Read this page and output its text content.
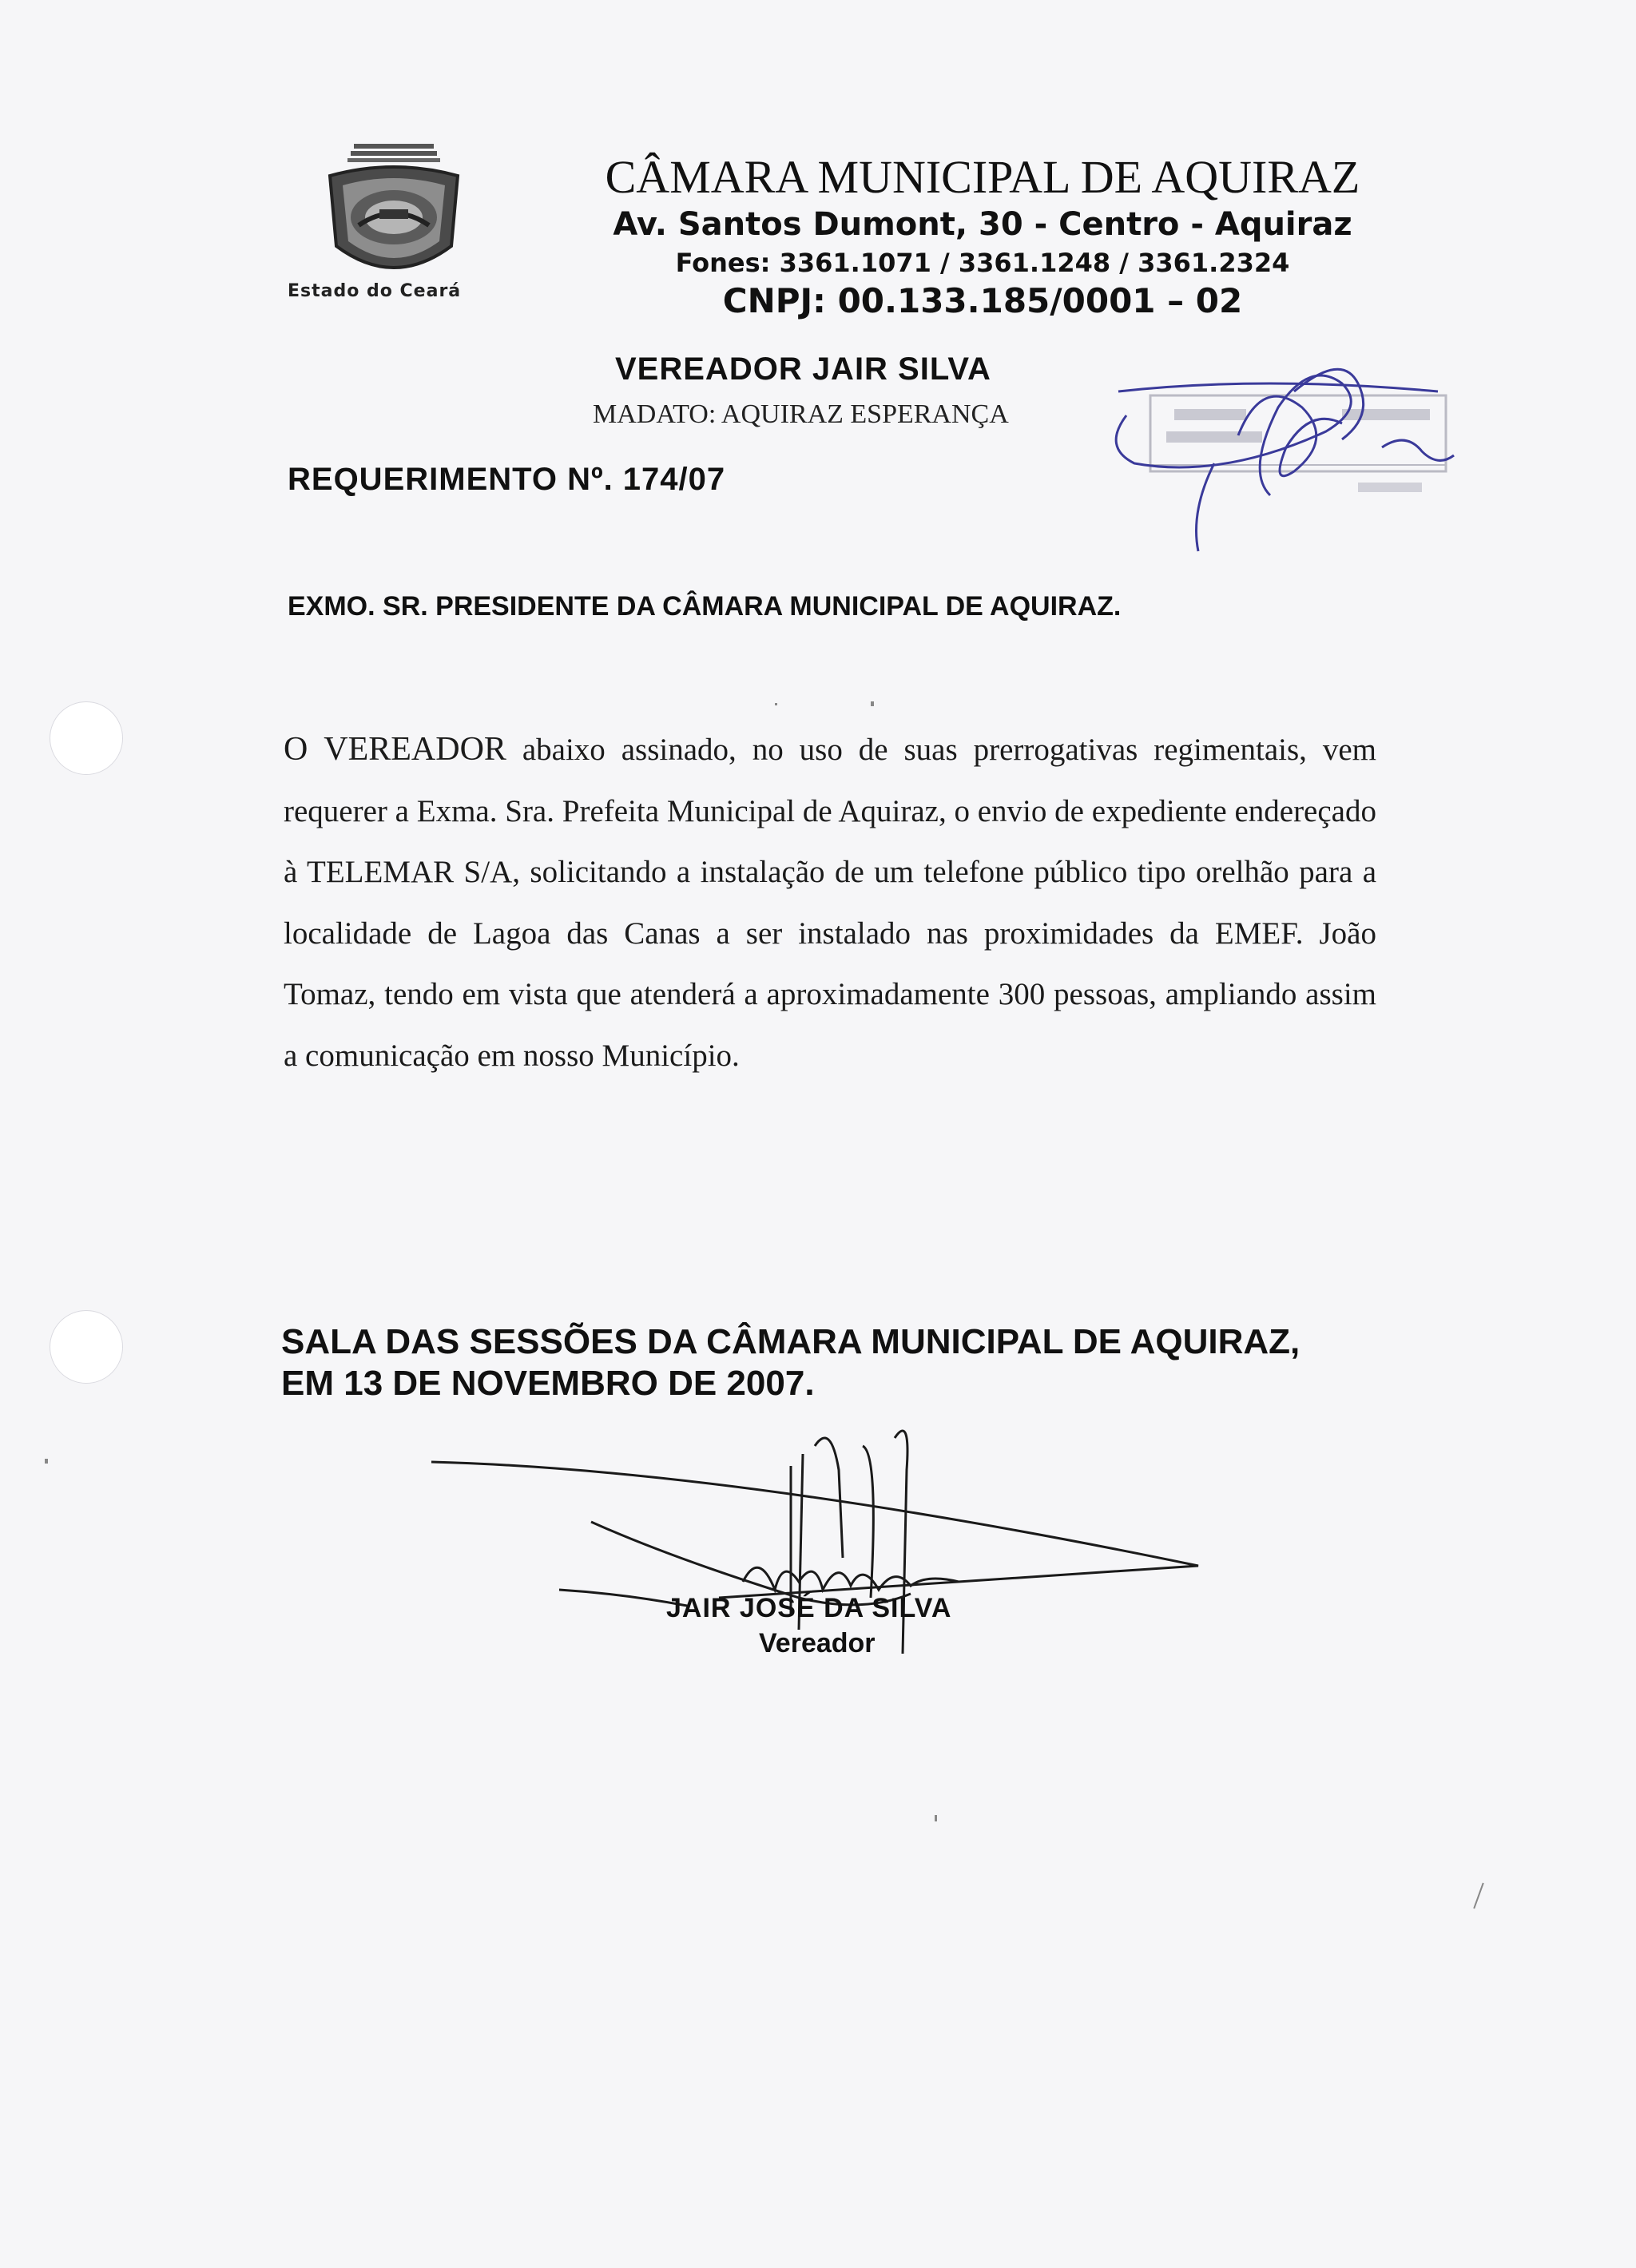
Estado do Ceará
CÂMARA MUNICIPAL DE AQUIRAZ
Av. Santos Dumont, 30 - Centro - Aquiraz
Fones: 3361.1071 / 3361.1248 / 3361.2324
CNPJ: 00.133.185/0001 – 02
VEREADOR JAIR SILVA
MADATO: AQUIRAZ ESPERANÇA
REQUERIMENTO Nº. 174/07
EXMO. SR. PRESIDENTE DA CÂMARA MUNICIPAL DE AQUIRAZ.
O VEREADOR abaixo assinado, no uso de suas prerrogativas regimentais, vem requerer a Exma. Sra. Prefeita Municipal de Aquiraz, o envio de expediente endereçado à TELEMAR S/A, solicitando a instalação de um telefone público tipo orelhão para a localidade de Lagoa das Canas a ser instalado nas proximidades da EMEF. João Tomaz, tendo em vista que atenderá a aproximadamente 300 pessoas, ampliando assim a comunicação em nosso Município.
SALA DAS SESSÕES DA CÂMARA MUNICIPAL DE AQUIRAZ,
EM 13 DE NOVEMBRO DE 2007.
JAIR JOSÉ DA SILVA
Vereador
